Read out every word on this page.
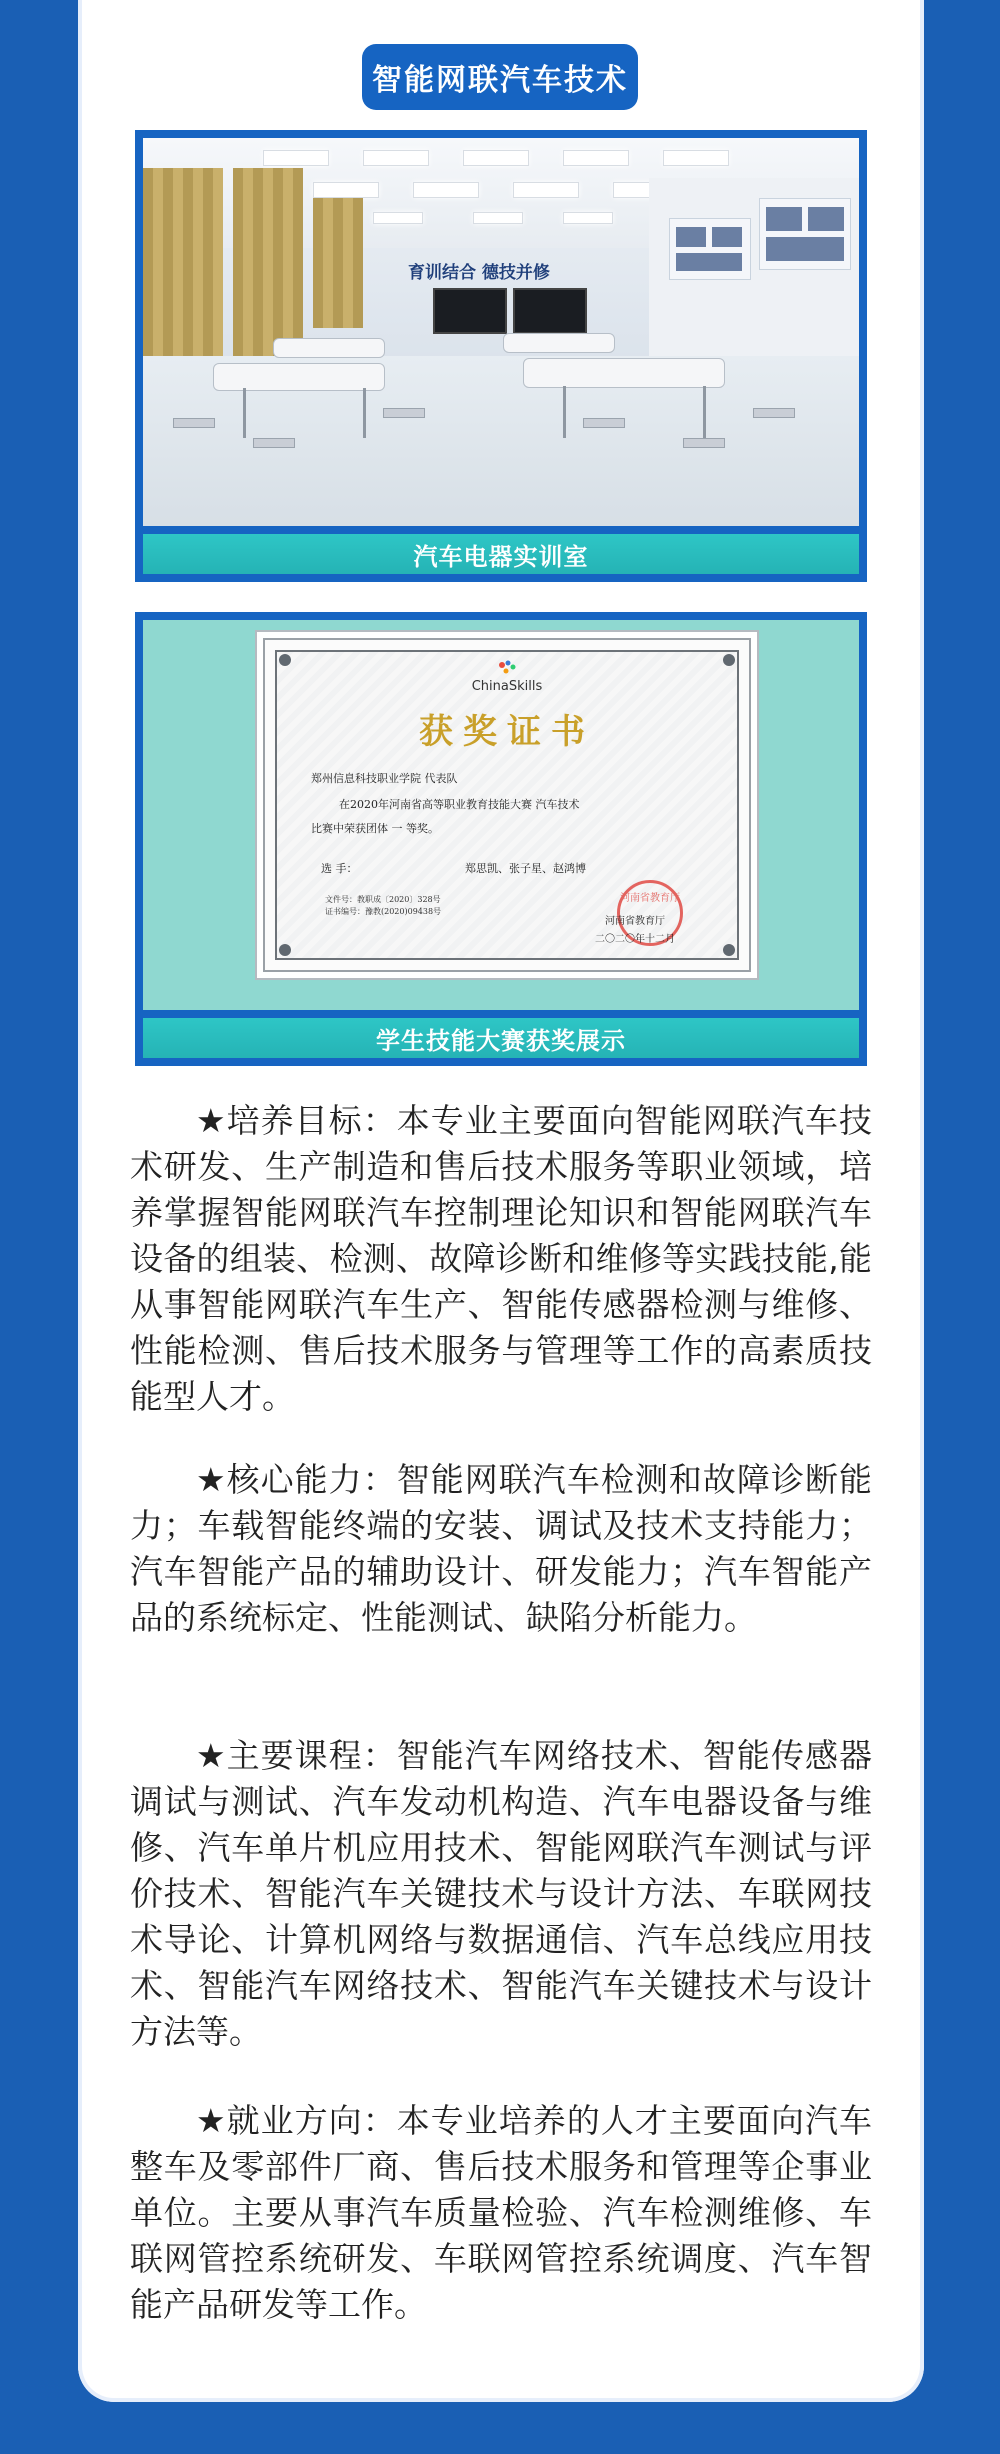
智能网联汽车技术
育训结合 德技并修
汽车电器实训室
ChinaSkills
获奖证书
郑州信息科技职业学院 代表队
在2020年河南省高等职业教育技能大赛 汽车技术
比赛中荣获团体 一 等奖。
选 手：	郑思凯、张子星、赵鸿博
文件号：教职成〔2020〕328号
证书编号：豫教(2020)09438号
河南省教育厅
河南省教育厅
二〇二〇年十二月
学生技能大赛获奖展示
★培养目标：本专业主要面向智能网联汽车技术研发、生产制造和售后技术服务等职业领域，培养掌握智能网联汽车控制理论知识和智能网联汽车设备的组装、检测、故障诊断和维修等实践技能,能从事智能网联汽车生产、智能传感器检测与维修、性能检测、售后技术服务与管理等工作的高素质技能型人才。
★核心能力：智能网联汽车检测和故障诊断能力；车载智能终端的安装、调试及技术支持能力；汽车智能产品的辅助设计、研发能力；汽车智能产品的系统标定、性能测试、缺陷分析能力。
★主要课程：智能汽车网络技术、智能传感器调试与测试、汽车发动机构造、汽车电器设备与维修、汽车单片机应用技术、智能网联汽车测试与评价技术、智能汽车关键技术与设计方法、车联网技术导论、计算机网络与数据通信、汽车总线应用技术、智能汽车网络技术、智能汽车关键技术与设计方法等。
★就业方向：本专业培养的人才主要面向汽车整车及零部件厂商、售后技术服务和管理等企事业单位。主要从事汽车质量检验、汽车检测维修、车联网管控系统研发、车联网管控系统调度、汽车智能产品研发等工作。
